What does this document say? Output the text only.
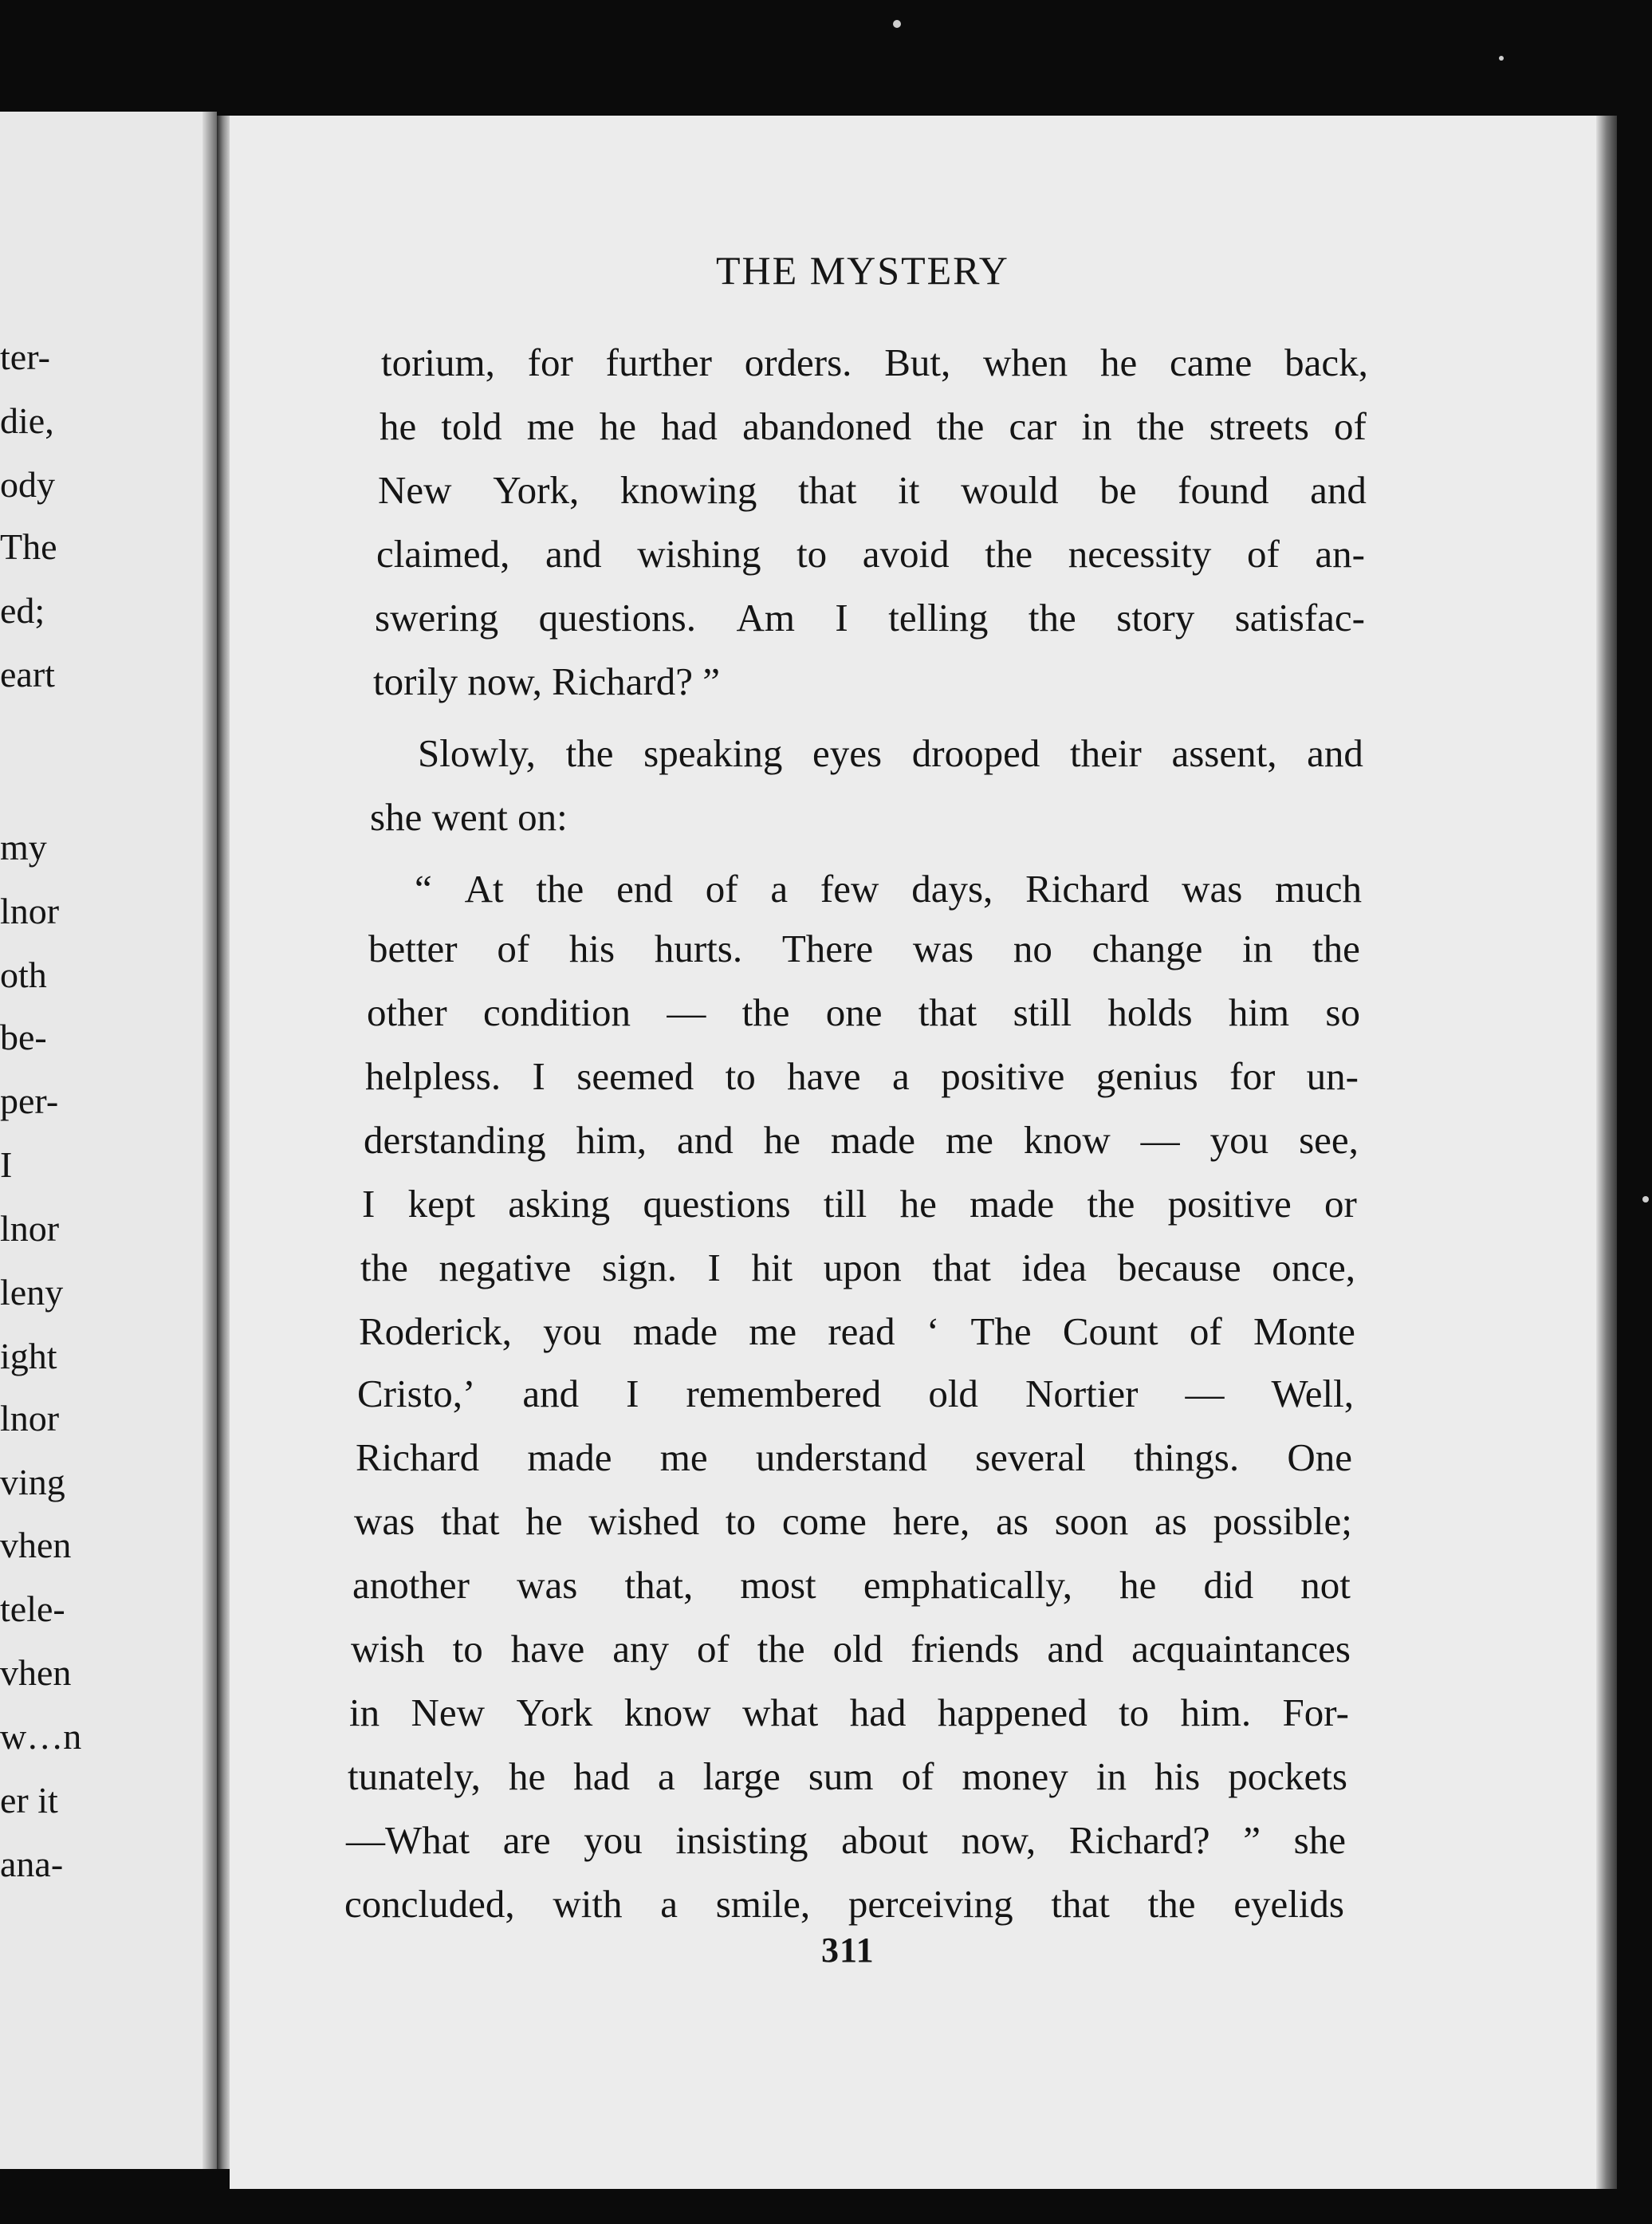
ter-
die,
ody
The
ed;
eart
my
lnor
oth
be-
per-
I
lnor
leny
ight
lnor
ving
vhen
tele-
vhen
w…n
er it
ana-
THE MYSTERY
torium, for further orders. But, when he came back,
he told me he had abandoned the car in the streets of
New York, knowing that it would be found and
claimed, and wishing to avoid the necessity of an-
swering questions. Am I telling the story satisfac-
torily now, Richard? ”
Slowly, the speaking eyes drooped their assent, and
she went on:
“ At the end of a few days, Richard was much
better of his hurts. There was no change in the
other condition — the one that still holds him so
helpless. I seemed to have a positive genius for un-
derstanding him, and he made me know — you see,
I kept asking questions till he made the positive or
the negative sign. I hit upon that idea because once,
Roderick, you made me read ‘ The Count of Monte
Cristo,’ and I remembered old Nortier — Well,
Richard made me understand several things. One
was that he wished to come here, as soon as possible;
another was that, most emphatically, he did not
wish to have any of the old friends and acquaintances
in New York know what had happened to him. For-
tunately, he had a large sum of money in his pockets
—What are you insisting about now, Richard? ” she
concluded, with a smile, perceiving that the eyelids
311
